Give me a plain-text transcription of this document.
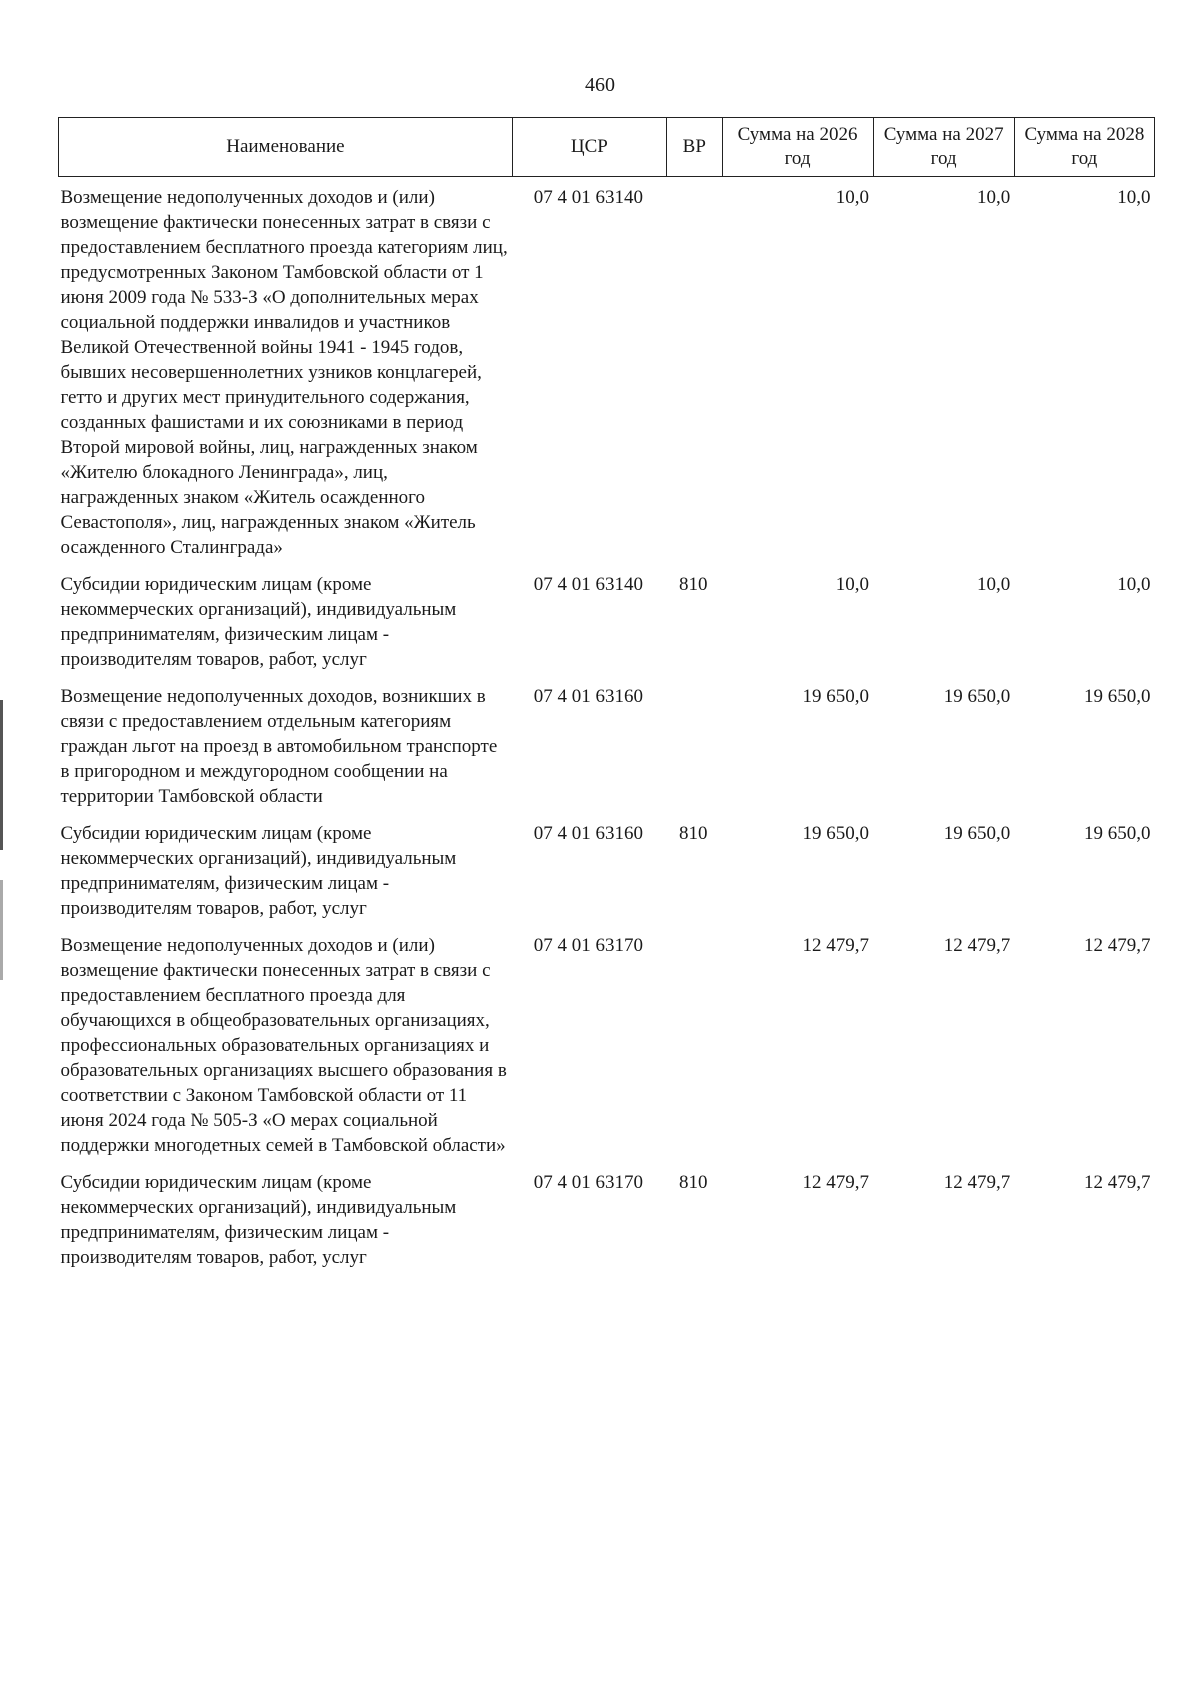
460
Наименование	ЦСР	ВР	Сумма на 2026 год	Сумма на 2027 год	Сумма на 2028 год
Возмещение недополученных доходов и (или) возмещение фактически понесенных затрат в связи с предоставлением бесплатного проезда категориям лиц, предусмотренных Законом Тамбовской области от 1 июня 2009 года № 533-З «О дополнительных мерах социальной поддержки инвалидов и участников Великой Отечественной войны 1941 - 1945 годов, бывших несовершеннолетних узников концлагерей, гетто и других мест принудительного содержания, созданных фашистами и их союзниками в период Второй мировой войны, лиц, награжденных знаком «Жителю блокадного Ленинграда», лиц, награжденных знаком «Житель осажденного Севастополя», лиц, награжденных знаком «Житель осажденного Сталинграда»	07 4 01 63140		10,0	10,0	10,0
Субсидии юридическим лицам (кроме некоммерческих организаций), индивидуальным предпринимателям, физическим лицам - производителям товаров, работ, услуг	07 4 01 63140	810	10,0	10,0	10,0
Возмещение недополученных доходов, возникших в связи с предоставлением отдельным категориям граждан льгот на проезд в автомобильном транспорте в пригородном и междугородном сообщении на территории Тамбовской области	07 4 01 63160		19 650,0	19 650,0	19 650,0
Субсидии юридическим лицам (кроме некоммерческих организаций), индивидуальным предпринимателям, физическим лицам - производителям товаров, работ, услуг	07 4 01 63160	810	19 650,0	19 650,0	19 650,0
Возмещение недополученных доходов и (или) возмещение фактически понесенных затрат в связи с предоставлением бесплатного проезда для обучающихся в общеобразовательных организациях, профессиональных образовательных организациях и образовательных организациях высшего образования в соответствии с Законом Тамбовской области от 11 июня 2024 года № 505-З «О мерах социальной поддержки многодетных семей в Тамбовской области»	07 4 01 63170		12 479,7	12 479,7	12 479,7
Субсидии юридическим лицам (кроме некоммерческих организаций), индивидуальным предпринимателям, физическим лицам - производителям товаров, работ, услуг	07 4 01 63170	810	12 479,7	12 479,7	12 479,7
